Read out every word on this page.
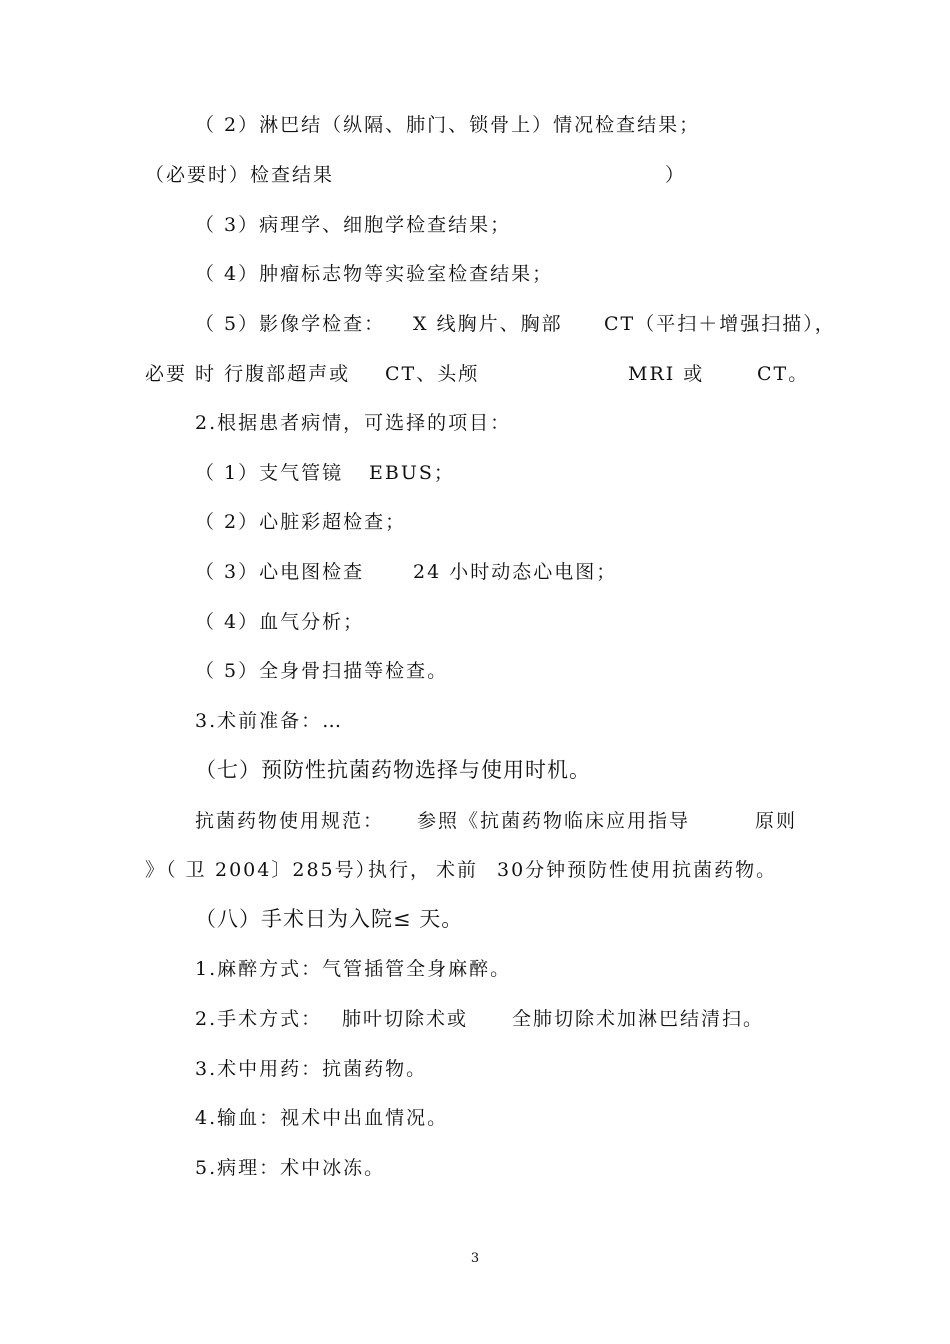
（ 2）淋巴结（纵隔、肺门、锁骨上）情况检查结果；
（必要时）检查结果	）
（ 3）病理学、细胞学检查结果；
（ 4）肿瘤标志物等实验室检查结果；
（ 5）影像学检查： X 线胸片、胸部 CT（平扫＋增强扫描），
必要 时 行腹部超声或 CT、头颅	MRI 或	CT。
2.根据患者病情，可选择的项目：
（ 1）支气管镜 EBUS；
（ 2）心脏彩超检查；
（ 3）心电图检查	24 小时动态心电图；
（ 4）血气分析；
（ 5）全身骨扫描等检查。
3.术前准备：…
（七）预防性抗菌药物选择与使用时机。
抗菌药物使用规范： 参照《抗菌药物临床应用指导	原则
》（ 卫 2004〕285号）
执行， 术前 30分钟预防性使用抗菌药物。
（八）手术日为入院≤ 天。
1.麻醉方式：气管插管全身麻醉。
2.手术方式： 肺叶切除术或 全肺切除术加淋巴结清扫。
3.术中用药：抗菌药物。
4.输血：视术中出血情况。
5.病理：术中冰冻。
3
